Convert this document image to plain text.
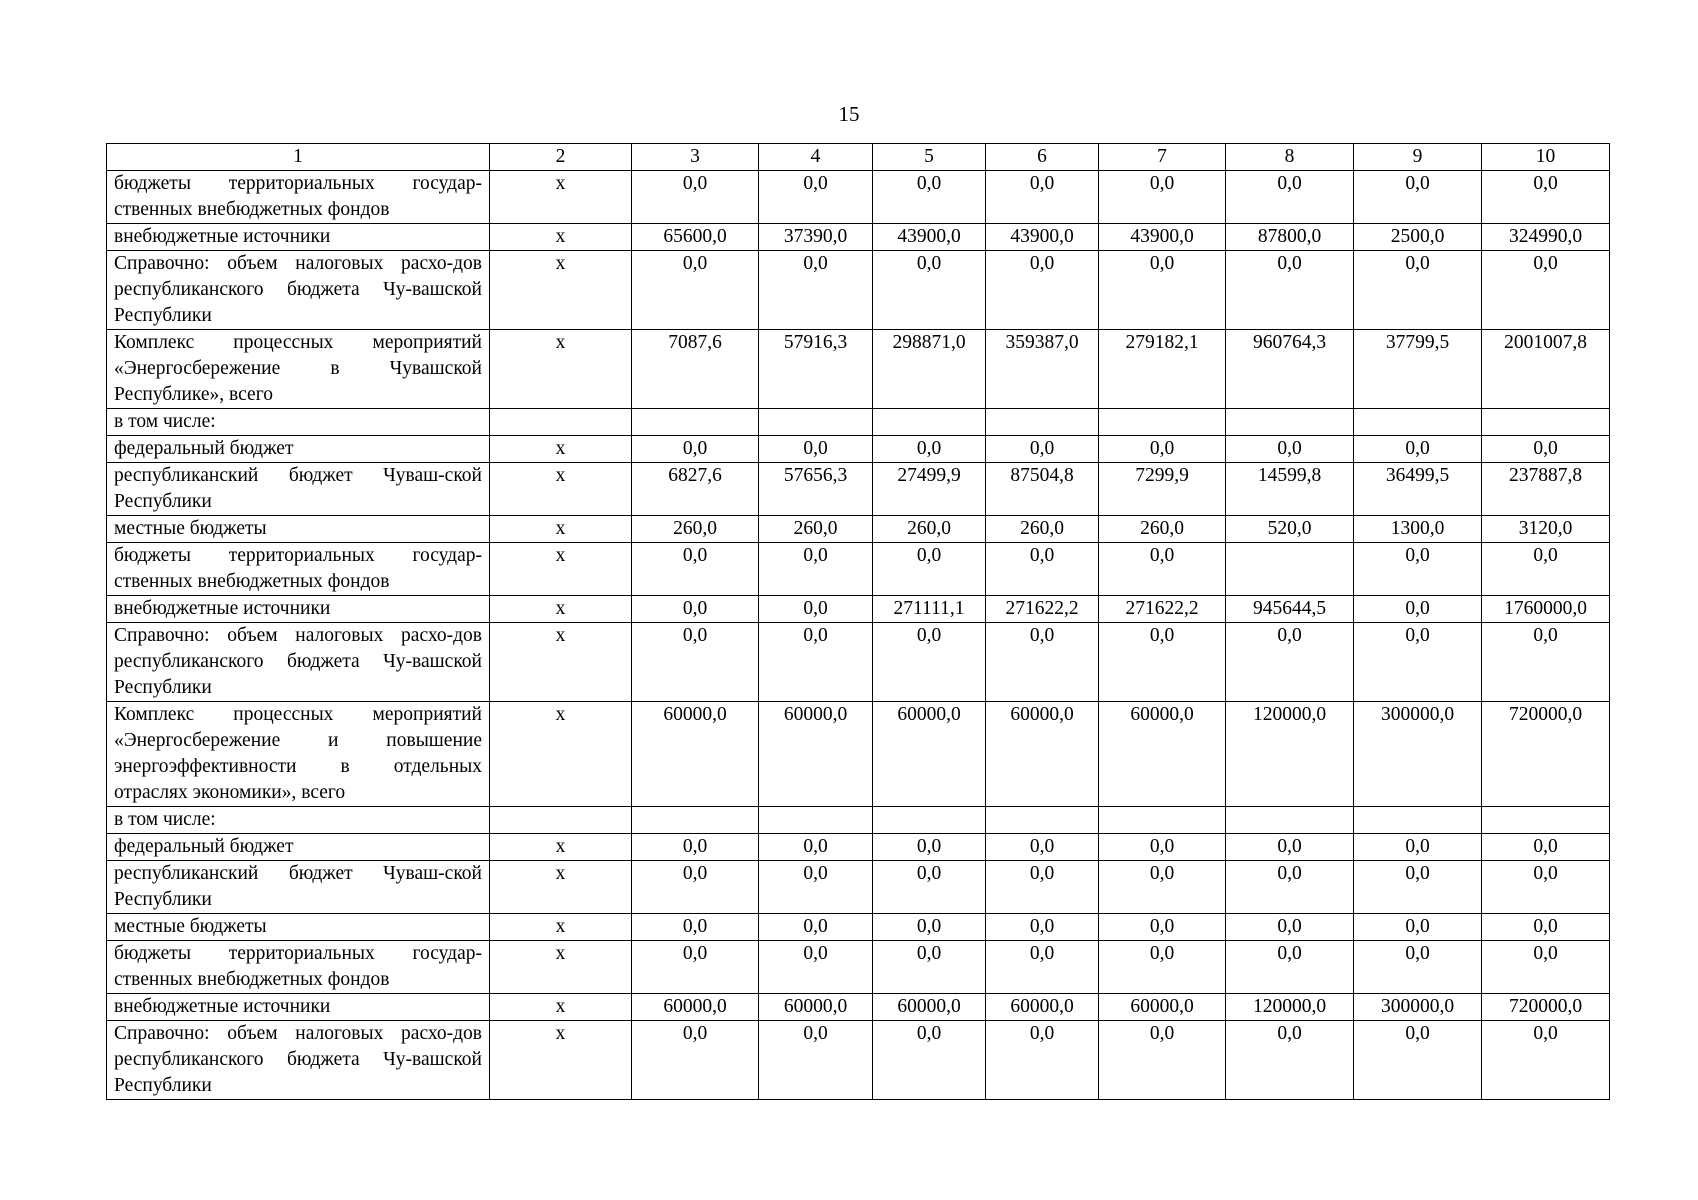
15
1	2	3	4	5	6	7	8	9	10
бюджеты территориальных государ-ственных внебюджетных фондов	x	0,0	0,0	0,0	0,0	0,0	0,0	0,0	0,0
внебюджетные источники	x	65600,0	37390,0	43900,0	43900,0	43900,0	87800,0	2500,0	324990,0
Справочно: объем налоговых расхо-дов республиканского бюджета Чу-вашской Республики	x	0,0	0,0	0,0	0,0	0,0	0,0	0,0	0,0
Комплекс процессных мероприятий «Энергосбережение в Чувашской Республике», всего	x	7087,6	57916,3	298871,0	359387,0	279182,1	960764,3	37799,5	2001007,8
в том числе:									
федеральный бюджет	x	0,0	0,0	0,0	0,0	0,0	0,0	0,0	0,0
республиканский бюджет Чуваш-ской Республики	x	6827,6	57656,3	27499,9	87504,8	7299,9	14599,8	36499,5	237887,8
местные бюджеты	x	260,0	260,0	260,0	260,0	260,0	520,0	1300,0	3120,0
бюджеты территориальных государ-ственных внебюджетных фондов	x	0,0	0,0	0,0	0,0	0,0		0,0	0,0
внебюджетные источники	x	0,0	0,0	271111,1	271622,2	271622,2	945644,5	0,0	1760000,0
Справочно: объем налоговых расхо-дов республиканского бюджета Чу-вашской Республики	x	0,0	0,0	0,0	0,0	0,0	0,0	0,0	0,0
Комплекс процессных мероприятий «Энергосбережение и повышение энергоэффективности в отдельных отраслях экономики», всего	x	60000,0	60000,0	60000,0	60000,0	60000,0	120000,0	300000,0	720000,0
в том числе:									
федеральный бюджет	x	0,0	0,0	0,0	0,0	0,0	0,0	0,0	0,0
республиканский бюджет Чуваш-ской Республики	x	0,0	0,0	0,0	0,0	0,0	0,0	0,0	0,0
местные бюджеты	x	0,0	0,0	0,0	0,0	0,0	0,0	0,0	0,0
бюджеты территориальных государ-ственных внебюджетных фондов	x	0,0	0,0	0,0	0,0	0,0	0,0	0,0	0,0
внебюджетные источники	x	60000,0	60000,0	60000,0	60000,0	60000,0	120000,0	300000,0	720000,0
Справочно: объем налоговых расхо-дов республиканского бюджета Чу-вашской Республики	x	0,0	0,0	0,0	0,0	0,0	0,0	0,0	0,0
